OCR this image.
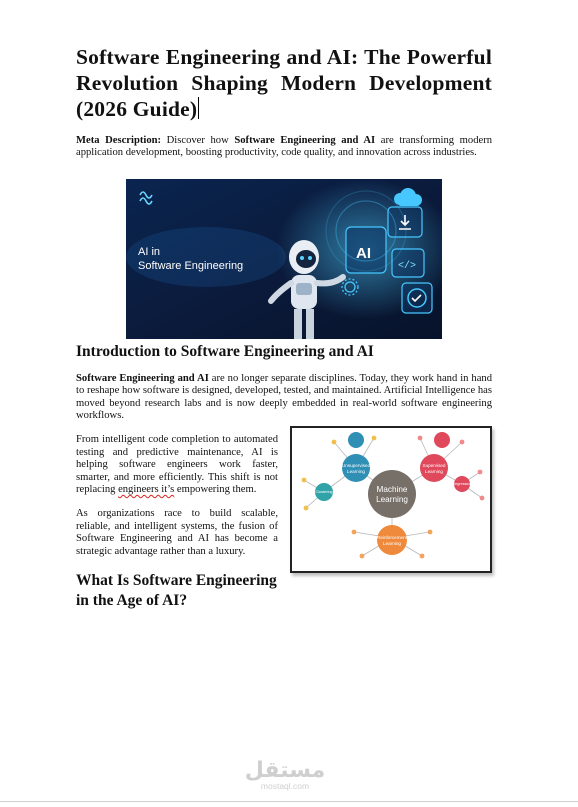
Software Engineering and AI: The Powerful Revolution Shaping Modern Development (2026 Guide)

Meta Description: Discover how Software Engineering and AI are transforming modern application development, boosting productivity, code quality, and innovation across industries.

AI in
Software Engineering
AI
</>
Introduction to Software Engineering and AI

Software Engineering and AI are no longer separate disciplines. Today, they work hand in hand to reshape how software is designed, developed, tested, and maintained. Artificial Intelligence has moved beyond research labs and is now deeply embedded in real-world software engineering workflows.

Machine
Learning
Unsupervised
Learning
Supervised
Learning
Reinforcement
Learning
Clustering
Regression

From intelligent code completion to automated testing and predictive maintenance, AI is helping software engineers work faster, smarter, and more efficiently. This shift is not replacing engineers it’s empowering them.

As organizations race to build scalable, reliable, and intelligent systems, the fusion of Software Engineering and AI has become a strategic advantage rather than a luxury.

What Is Software Engineering in the Age of AI?
مستقل
mostaql.com
